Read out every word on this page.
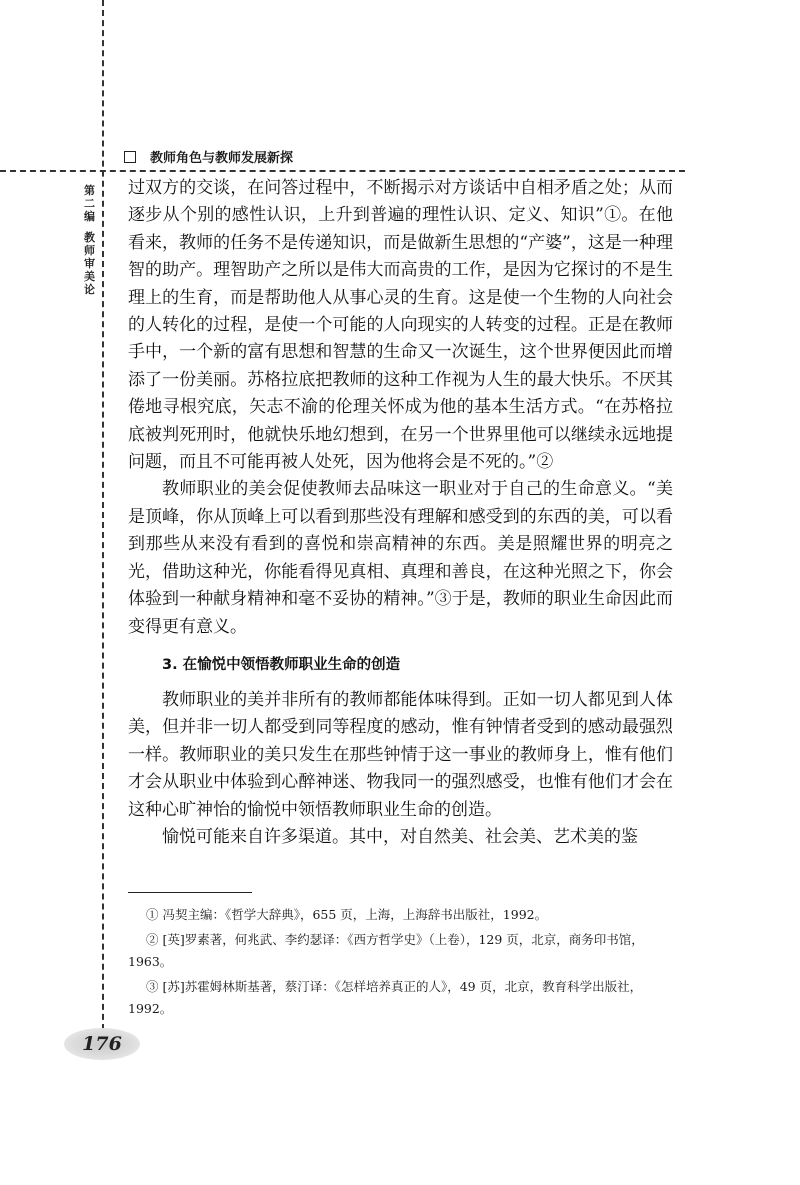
教师角色与教师发展新探
第二编
教师审美论

过双方的交谈，在问答过程中，不断揭示对方谈话中自相矛盾之处；从而逐步从个别的感性认识，上升到普遍的理性认识、定义、知识”①。在他看来，教师的任务不是传递知识，而是做新生思想的“产婆”，这是一种理智的助产。理智助产之所以是伟大而高贵的工作，是因为它探讨的不是生理上的生育，而是帮助他人从事心灵的生育。这是使一个生物的人向社会的人转化的过程，是使一个可能的人向现实的人转变的过程。正是在教师手中，一个新的富有思想和智慧的生命又一次诞生，这个世界便因此而增添了一份美丽。苏格拉底把教师的这种工作视为人生的最大快乐。不厌其倦地寻根究底，矢志不渝的伦理关怀成为他的基本生活方式。“在苏格拉底被判死刑时，他就快乐地幻想到，在另一个世界里他可以继续永远地提问题，而且不可能再被人处死，因为他将会是不死的。”②

教师职业的美会促使教师去品味这一职业对于自己的生命意义。“美是顶峰，你从顶峰上可以看到那些没有理解和感受到的东西的美，可以看到那些从来没有看到的喜悦和崇高精神的东西。美是照耀世界的明亮之光，借助这种光，你能看得见真相、真理和善良，在这种光照之下，你会体验到一种献身精神和毫不妥协的精神。”③于是，教师的职业生命因此而变得更有意义。

3. 在愉悦中领悟教师职业生命的创造

教师职业的美并非所有的教师都能体味得到。正如一切人都见到人体美，但并非一切人都受到同等程度的感动，惟有钟情者受到的感动最强烈一样。教师职业的美只发生在那些钟情于这一事业的教师身上，惟有他们才会从职业中体验到心醉神迷、物我同一的强烈感受，也惟有他们才会在这种心旷神怡的愉悦中领悟教师职业生命的创造。

愉悦可能来自许多渠道。其中，对自然美、社会美、艺术美的鉴

① 冯契主编：《哲学大辞典》，655 页，上海，上海辞书出版社，1992。

② [英]罗素著，何兆武、李约瑟译：《西方哲学史》（上卷），129 页，北京，商务印书馆，1963。

③ [苏]苏霍姆林斯基著，蔡汀译：《怎样培养真正的人》，49 页，北京，教育科学出版社，1992。

176
